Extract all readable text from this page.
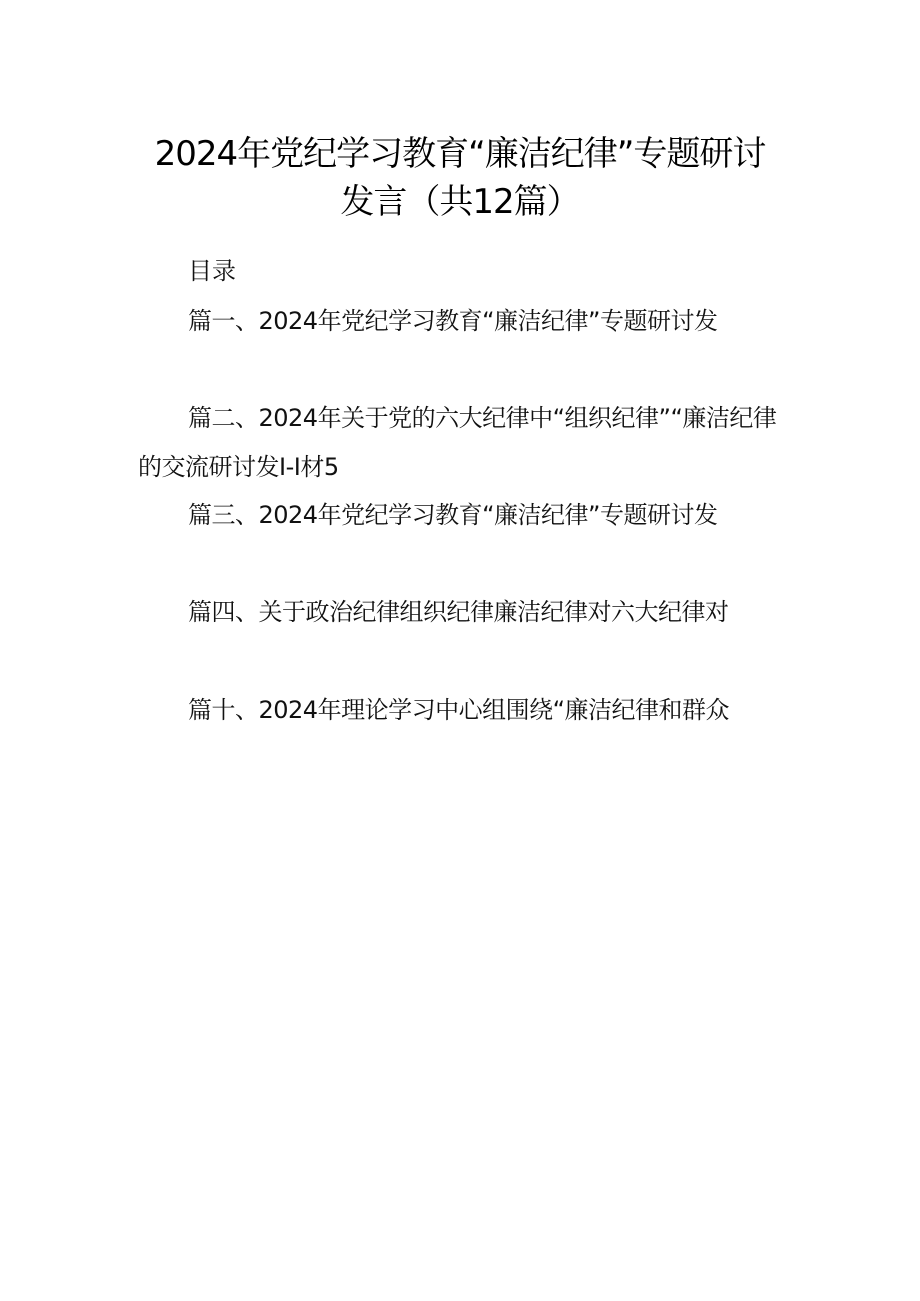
2024年党纪学习教育“廉洁纪律”专题研讨
发言（共12篇）
目录
篇一、2024年党纪学习教育“廉洁纪律”专题研讨发
篇二、2024年关于党的六大纪律中“组织纪律”“廉洁纪律
的交流研讨发I-I材5
篇三、2024年党纪学习教育“廉洁纪律”专题研讨发
篇四、关于政治纪律组织纪律廉洁纪律对六大纪律对
篇十、2024年理论学习中心组围绕“廉洁纪律和群众
